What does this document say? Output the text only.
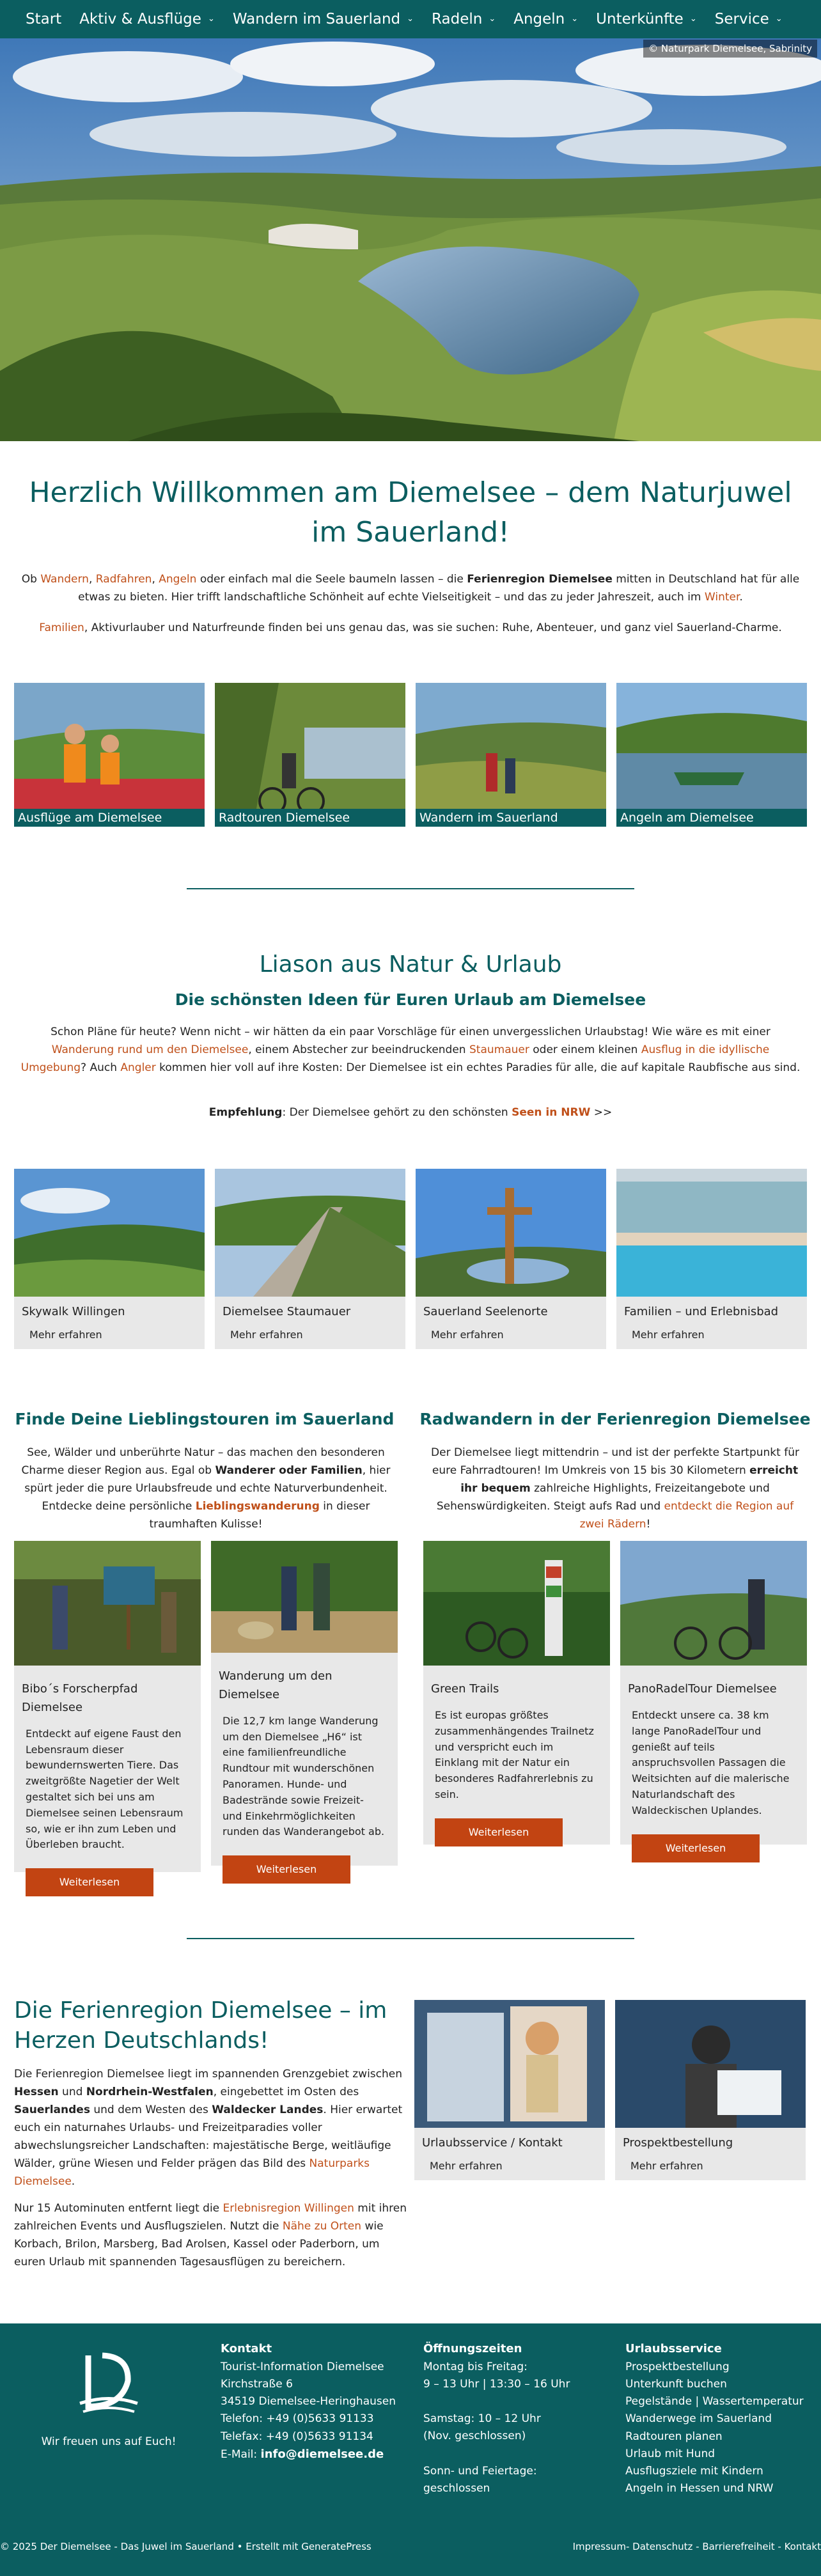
Start Aktiv & Ausflüge ⌄ Wandern im Sauerland ⌄ Radeln ⌄ Angeln ⌄ Unterkünfte ⌄ Service ⌄
© Naturpark Diemelsee, Sabrinity
Herzlich Willkommen am Diemelsee – dem Naturjuwel im Sauerland!

Ob Wandern, Radfahren, Angeln oder einfach mal die Seele baumeln lassen – die Ferienregion Diemelsee mitten in Deutschland hat für alle etwas zu bieten. Hier trifft landschaftliche Schönheit auf echte Vielseitigkeit – und das zu jeder Jahreszeit, auch im Winter.

Familien, Aktivurlauber und Naturfreunde finden bei uns genau das, was sie suchen: Ruhe, Abenteuer, und ganz viel Sauerland-Charme.

Ausflüge am Diemelsee	Radtouren Diemelsee	Wandern im Sauerland	Angeln am Diemelsee
Liason aus Natur & Urlaub
Die schönsten Ideen für Euren Urlaub am Diemelsee

Schon Pläne für heute? Wenn nicht – wir hätten da ein paar Vorschläge für einen unvergesslichen Urlaubstag! Wie wäre es mit einer Wanderung rund um den Diemelsee, einem Abstecher zur beeindruckenden Staumauer oder einem kleinen Ausflug in die idyllische Umgebung? Auch Angler kommen hier voll auf ihre Kosten: Der Diemelsee ist ein echtes Paradies für alle, die auf kapitale Raubfische aus sind.

Empfehlung: Der Diemelsee gehört zu den schönsten Seen in NRW >>

Skywalk Willingen
Mehr erfahren
Diemelsee Staumauer
Mehr erfahren
Sauerland Seelenorte
Mehr erfahren
Familien – und Erlebnisbad
Mehr erfahren
Finde Deine Lieblingstouren im Sauerland

See, Wälder und unberührte Natur – das machen den besonderen Charme dieser Region aus. Egal ob Wanderer oder Familien, hier spürt jeder die pure Urlaubsfreude und echte Naturverbundenheit. Entdecke deine persönliche Lieblingswanderung in dieser traumhaften Kulisse!

Bibo´s Forscherpfad Diemelsee
Entdeckt auf eigene Faust den Lebensraum dieser bewundernswerten Tiere. Das zweitgrößte Nagetier der Welt gestaltet sich bei uns am Diemelsee seinen Lebensraum so, wie er ihn zum Leben und Überleben braucht.
Weiterlesen
Wanderung um den Diemelsee
Die 12,7 km lange Wanderung um den Diemelsee „H6“ ist eine familienfreundliche Rundtour mit wunderschönen Panoramen. Hunde- und Badestrände sowie Freizeit- und Einkehrmöglichkeiten runden das Wanderangebot ab.
Weiterlesen
Radwandern in der Ferienregion Diemelsee

Der Diemelsee liegt mittendrin – und ist der perfekte Startpunkt für eure Fahrradtouren! Im Umkreis von 15 bis 30 Kilometern erreicht ihr bequem zahlreiche Highlights, Freizeitangebote und Sehenswürdigkeiten. Steigt aufs Rad und entdeckt die Region auf zwei Rädern!

Green Trails
Es ist europas größtes zusammenhängendes Trailnetz und verspricht euch im Einklang mit der Natur ein besonderes Radfahrerlebnis zu sein.
Weiterlesen
PanoRadelTour Diemelsee
Entdeckt unsere ca. 38 km lange PanoRadelTour und genießt auf teils anspruchsvollen Passagen die Weitsichten auf die malerische Naturlandschaft des Waldeckischen Uplandes.
Weiterlesen
Die Ferienregion Diemelsee – im Herzen Deutschlands!

Die Ferienregion Diemelsee liegt im spannenden Grenzgebiet zwischen Hessen und Nordrhein-Westfalen, eingebettet im Osten des Sauerlandes und dem Westen des Waldecker Landes. Hier erwartet euch ein naturnahes Urlaubs- und Freizeitparadies voller abwechslungsreicher Landschaften: majestätische Berge, weitläufige Wälder, grüne Wiesen und Felder prägen das Bild des Naturparks Diemelsee.

Nur 15 Autominuten entfernt liegt die Erlebnisregion Willingen mit ihren zahlreichen Events und Ausflugszielen. Nutzt die Nähe zu Orten wie Korbach, Brilon, Marsberg, Bad Arolsen, Kassel oder Paderborn, um euren Urlaub mit spannenden Tagesausflügen zu bereichern.

Urlaubsservice / Kontakt
Mehr erfahren
Prospektbestellung
Mehr erfahren
Wir freuen uns auf Euch!
Kontakt
Tourist-Information Diemelsee
Kirchstraße 6
34519 Diemelsee-Heringhausen
Telefon: +49 (0)5633 91133
Telefax: +49 (0)5633 91134
E-Mail: info@diemelsee.de
Öffnungszeiten
Montag bis Freitag:
9 – 13 Uhr | 13:30 – 16 Uhr
Samstag: 10 – 12 Uhr
(Nov. geschlossen)
Sonn- und Feiertage:
geschlossen
Urlaubsservice
Prospektbestellung
Unterkunft buchen
Pegelstände | Wassertemperatur
Wanderwege im Sauerland
Radtouren planen
Urlaub mit Hund
Ausflugsziele mit Kindern
Angeln in Hessen und NRW
© 2025 Der Diemelsee - Das Juwel im Sauerland • Erstellt mit GeneratePress	Impressum- Datenschutz - Barrierefreiheit - Kontakt
